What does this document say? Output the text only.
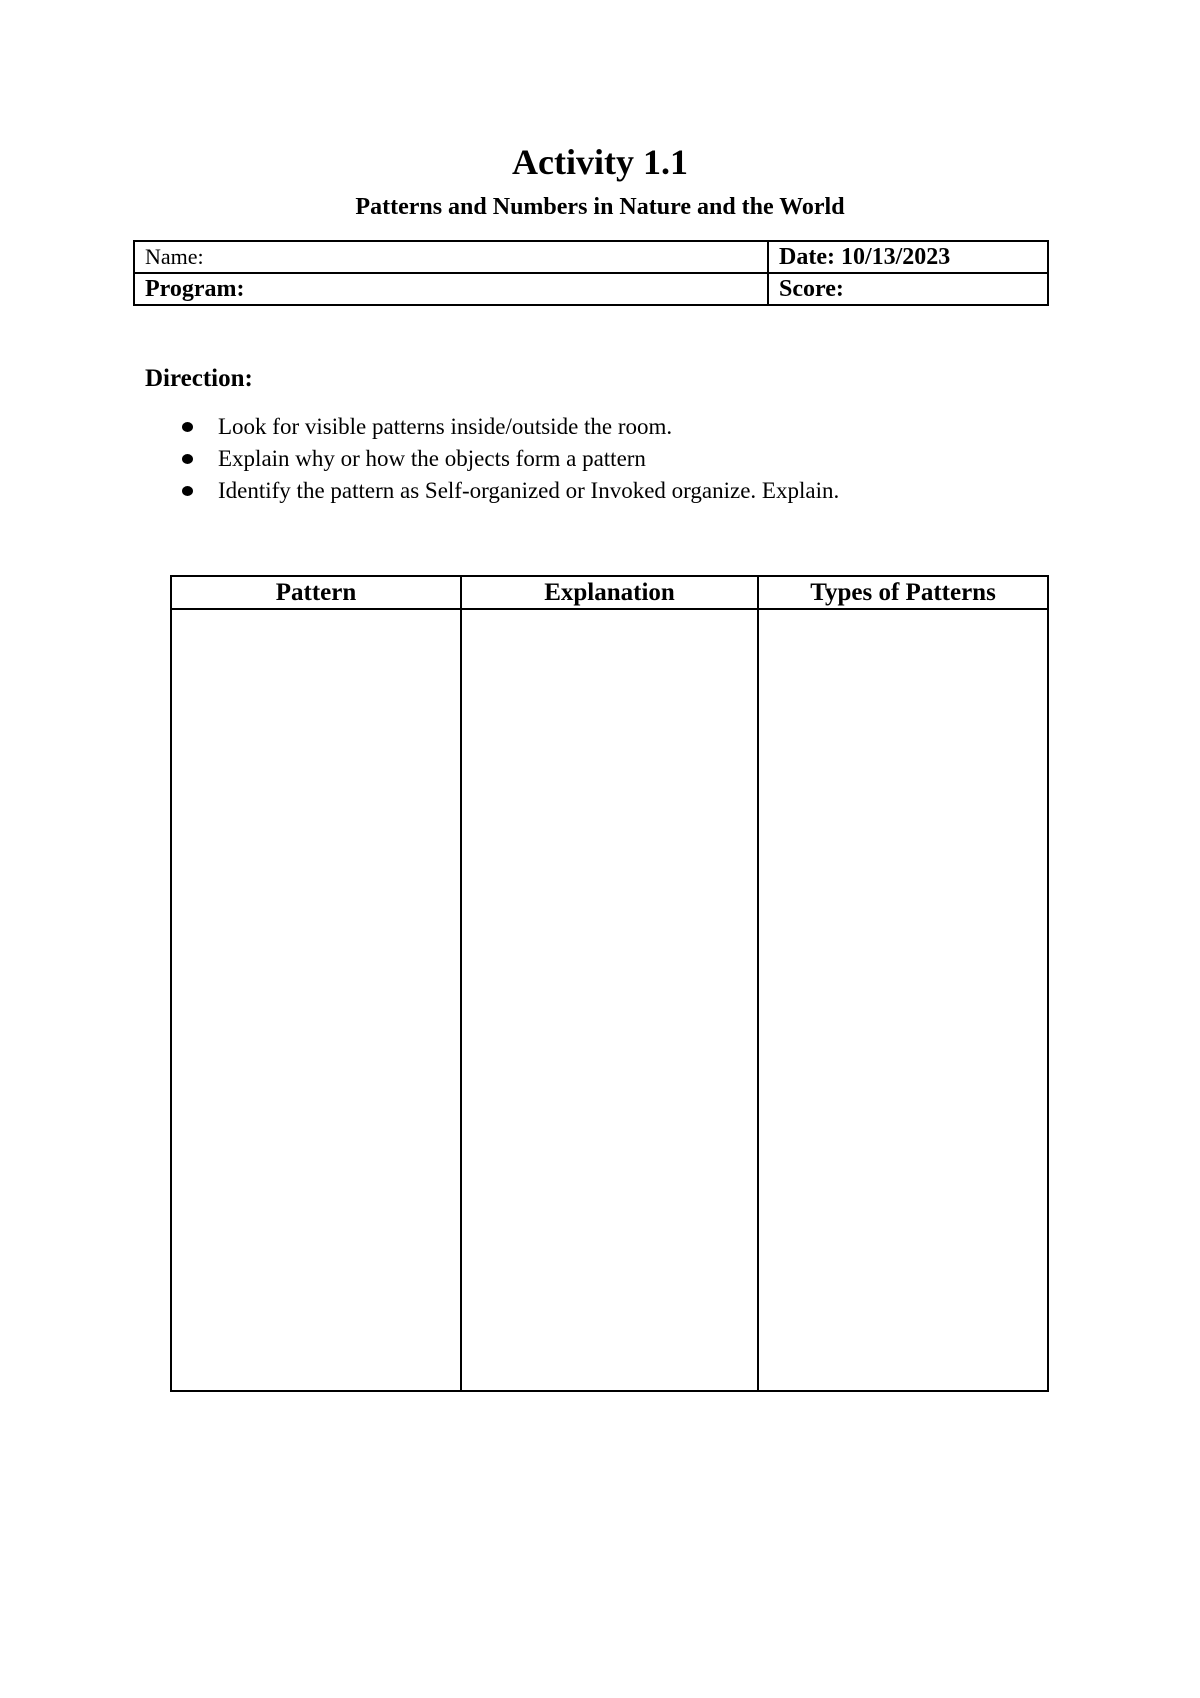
Activity 1.1
Patterns and Numbers in Nature and the World
Name:	Date: 10/13/2023
Program:	Score:
Direction:
Look for visible patterns inside/outside the room.
Explain why or how the objects form a pattern
Identify the pattern as Self-organized or Invoked organize. Explain.
Pattern	Explanation	Types of Patterns
